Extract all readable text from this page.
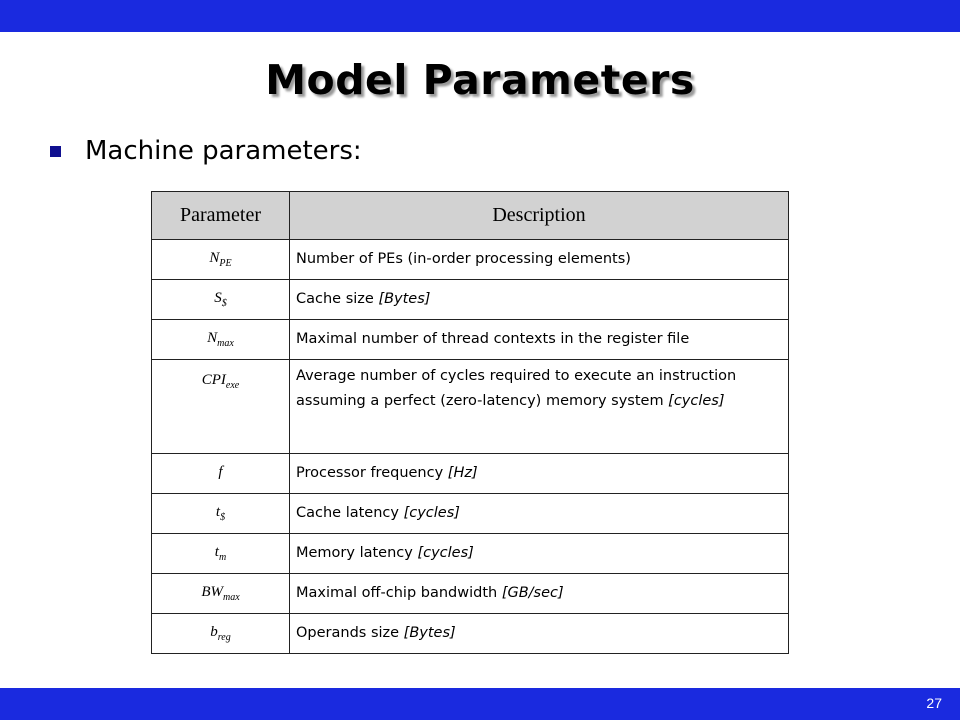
Model Parameters
Machine parameters:
Parameter	Description
$N_{PE}$	Number of PEs (in-order processing elements)
$S_{\$}$	Cache size [Bytes]
$N_{max}$	Maximal number of thread contexts in the register file
$CPI_{exe}$	Average number of cycles required to execute an instruction assuming a perfect (zero-latency) memory system [cycles]
f	Processor frequency [Hz]
$t_{\$}$	Cache latency [cycles]
$t_m$	Memory latency [cycles]
$BW_{max}$	Maximal off-chip bandwidth [GB/sec]
$b_{reg}$	Operands size [Bytes]
27
